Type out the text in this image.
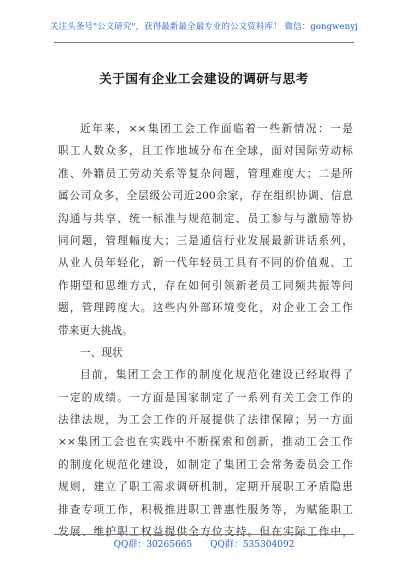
关注头条号"公文研究"，获得最新最全最专业的公文资料库！ 微信：gongwenyj
关于国有企业工会建设的调研与思考
近年来，××集团工会工作面临着一些新情况：一是
职工人数众多，且工作地域分布在全球，面对国际劳动标
准、外籍员工劳动关系等复杂问题，管理难度大；二是所
属公司众多，全层级公司近200余家，存在组织协调、信息
沟通与共享、统一标准与规范制定、员工参与与激励等协
同问题，管理幅度大；三是通信行业发展最新讲话系列，
从业人员年轻化，新一代年轻员工具有不同的价值观、工
作期望和思维方式，存在如何引领新老员工同频共振等问
题，管理跨度大。这些内外部环境变化，对企业工会工作
带来更大挑战。
一、现状
目前，集团工会工作的制度化规范化建设已经取得了
一定的成绩。一方面是国家制定了一系列有关工会工作的
法律法规，为工会工作的开展提供了法律保障；另一方面
××集团工会也在实践中不断探索和创新，推动工会工作
的制度化规范化建设，如制定了集团工会常务委员会工作
规则，建立了职工需求调研机制，定期开展职工矛盾隐患
排查专项工作，积极推进职工普惠性服务等，为赋能职工
发展、维护职工权益提供全方位支持。但在实际工作中，
QQ群：30265665 QQ群：535304092
